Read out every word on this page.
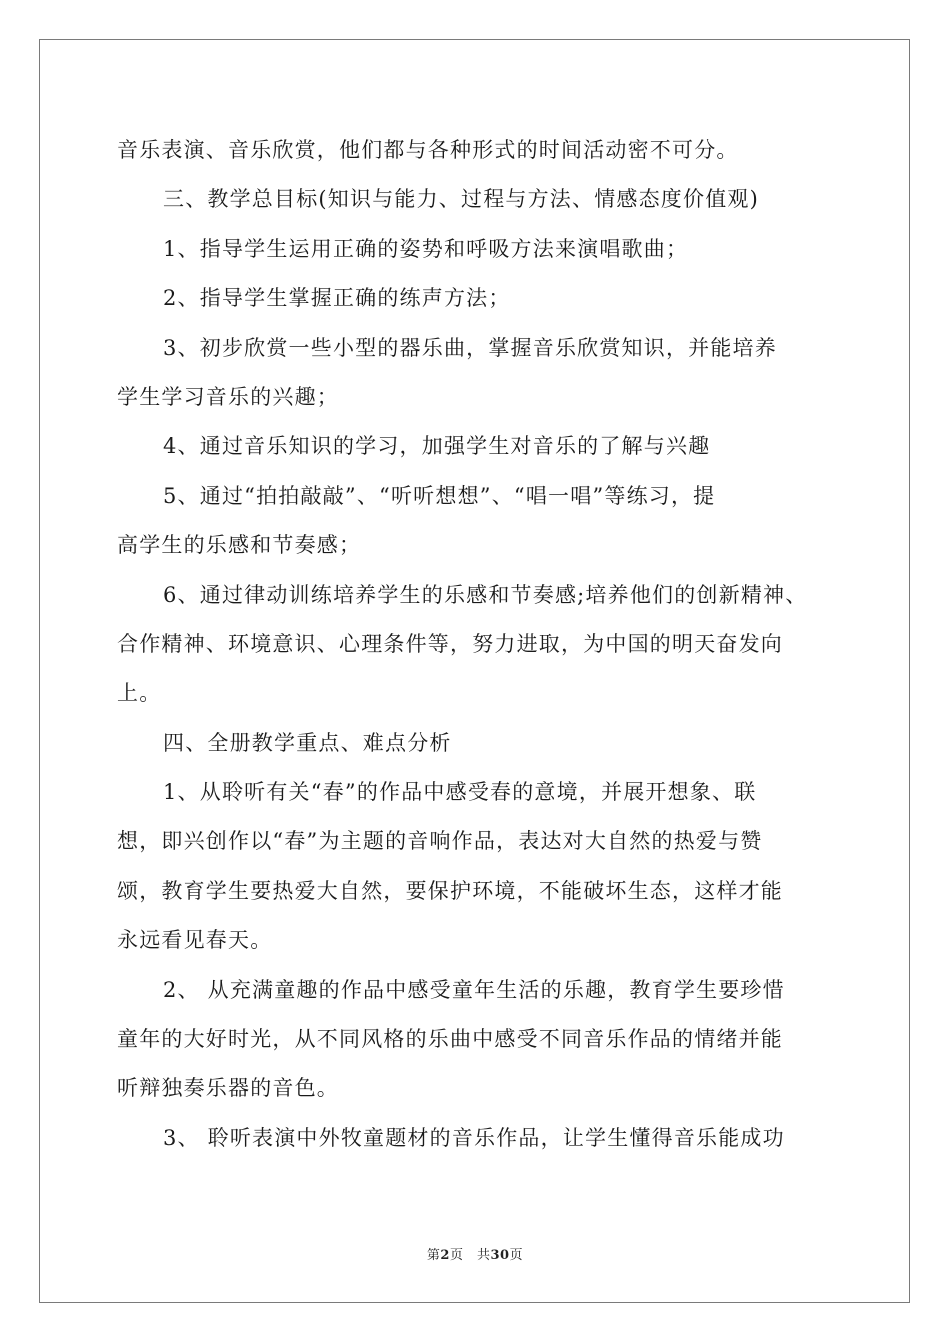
音乐表演、音乐欣赏，他们都与各种形式的时间活动密不可分。
三、教学总目标(知识与能力、过程与方法、情感态度价值观)
1、指导学生运用正确的姿势和呼吸方法来演唱歌曲；
2、指导学生掌握正确的练声方法；
3、初步欣赏一些小型的器乐曲，掌握音乐欣赏知识，并能培养
学生学习音乐的兴趣；
4、通过音乐知识的学习，加强学生对音乐的了解与兴趣
5、通过“拍拍敲敲”、“听听想想”、“唱一唱”等练习，提
高学生的乐感和节奏感；
6、通过律动训练培养学生的乐感和节奏感;培养他们的创新精神、
合作精神、环境意识、心理条件等，努力进取，为中国的明天奋发向
上。
四、全册教学重点、难点分析
1、从聆听有关“春”的作品中感受春的意境，并展开想象、联
想，即兴创作以“春”为主题的音响作品，表达对大自然的热爱与赞
颂，教育学生要热爱大自然，要保护环境，不能破坏生态，这样才能
永远看见春天。
2、 从充满童趣的作品中感受童年生活的乐趣，教育学生要珍惜
童年的大好时光，从不同风格的乐曲中感受不同音乐作品的情绪并能
听辩独奏乐器的音色。
3、 聆听表演中外牧童题材的音乐作品，让学生懂得音乐能成功
第2页　共30页
